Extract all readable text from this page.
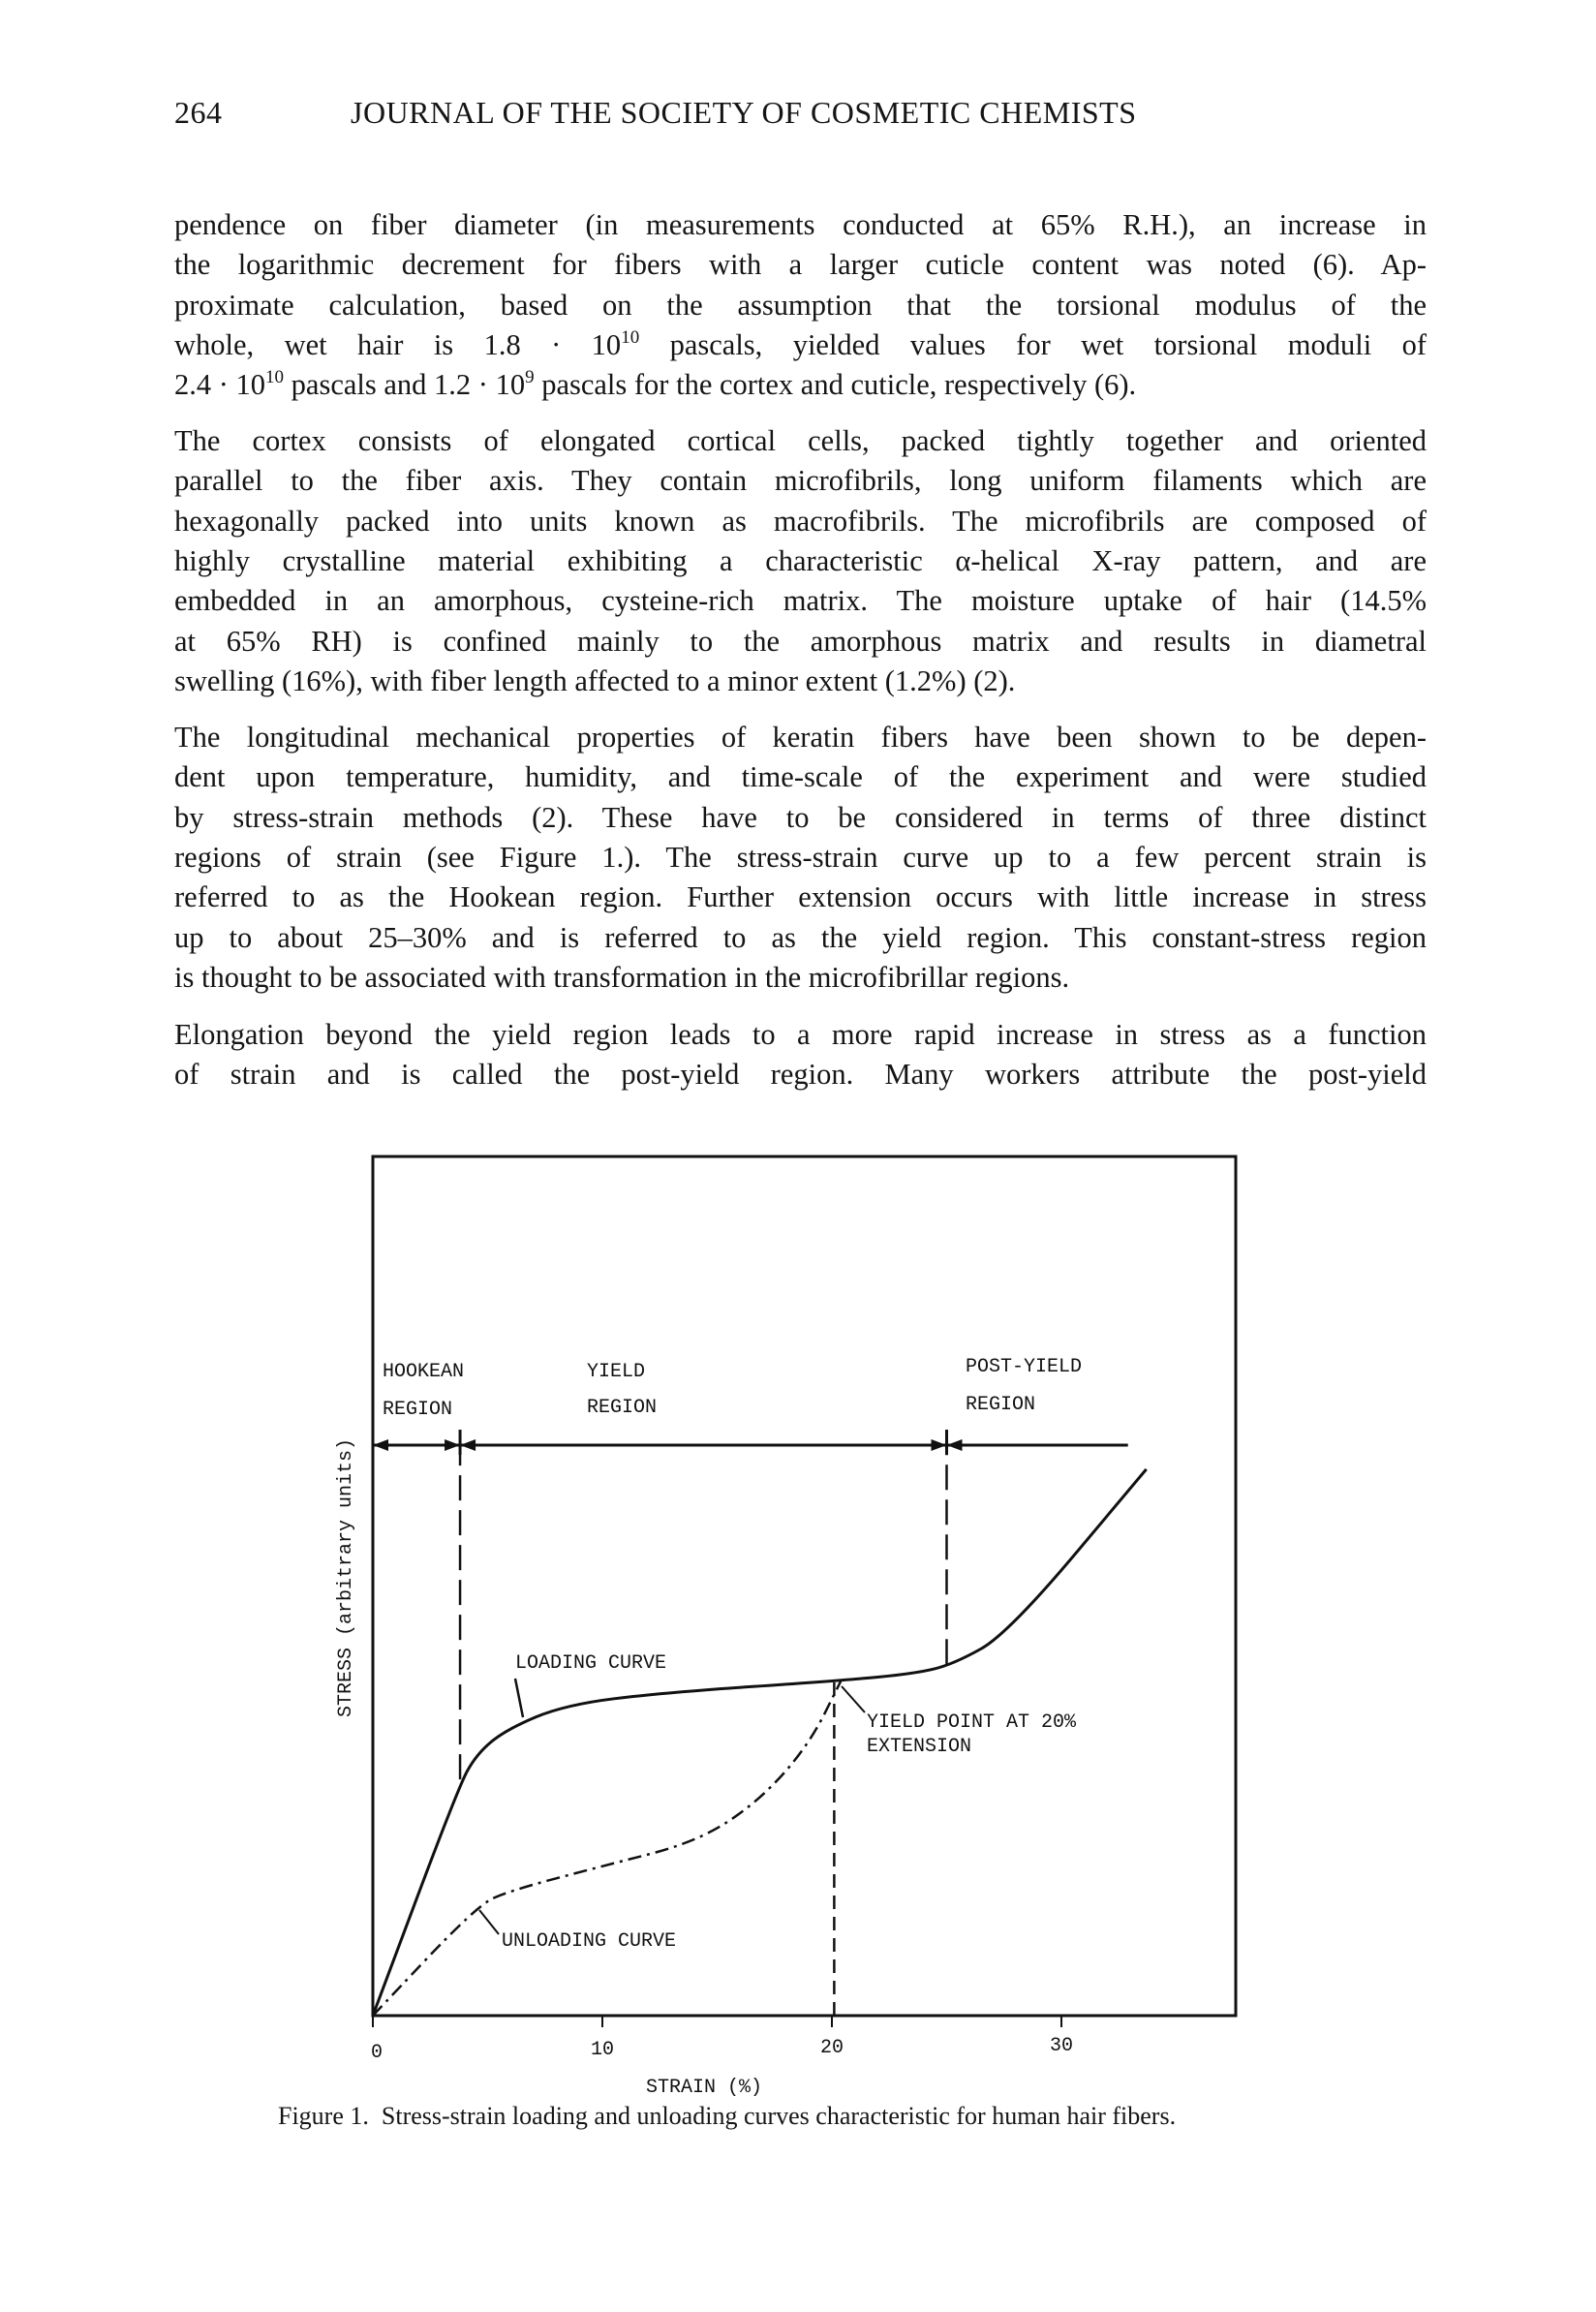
264	JOURNAL OF THE SOCIETY OF COSMETIC CHEMISTS
pendence on fiber diameter (in measurements conducted at 65% R.H.), an increase in
the logarithmic decrement for fibers with a larger cuticle content was noted (6). Ap-
proximate calculation, based on the assumption that the torsional modulus of the
whole, wet hair is $1.8 \cdot 10^{10}$ pascals, yielded values for wet torsional moduli of
$2.4 \cdot 10^{10}$ pascals and $1.2 \cdot 10^9$ pascals for the cortex and cuticle, respectively (6).
The cortex consists of elongated cortical cells, packed tightly together and oriented
parallel to the fiber axis. They contain microfibrils, long uniform filaments which are
hexagonally packed into units known as macrofibrils. The microfibrils are composed of
highly crystalline material exhibiting a characteristic α-helical X-ray pattern, and are
embedded in an amorphous, cysteine-rich matrix. The moisture uptake of hair (14.5%
at 65% RH) is confined mainly to the amorphous matrix and results in diametral
swelling (16%), with fiber length affected to a minor extent (1.2%) (2).
The longitudinal mechanical properties of keratin fibers have been shown to be depen-
dent upon temperature, humidity, and time-scale of the experiment and were studied
by stress-strain methods (2). These have to be considered in terms of three distinct
regions of strain (see Figure 1.). The stress-strain curve up to a few percent strain is
referred to as the Hookean region. Further extension occurs with little increase in stress
up to about 25–30% and is referred to as the yield region. This constant-stress region
is thought to be associated with transformation in the microfibrillar regions.
Elongation beyond the yield region leads to a more rapid increase in stress as a function
of strain and is called the post-yield region. Many workers attribute the post-yield
HOOKEAN
REGION
YIELD
REGION
POST-YIELD
REGION
LOADING CURVE
YIELD POINT AT 20%
EXTENSION
UNLOADING CURVE
STRESS (arbitrary units)
STRAIN (%)
0	10	20	30
Figure 1. Stress-strain loading and unloading curves characteristic for human hair fibers.
